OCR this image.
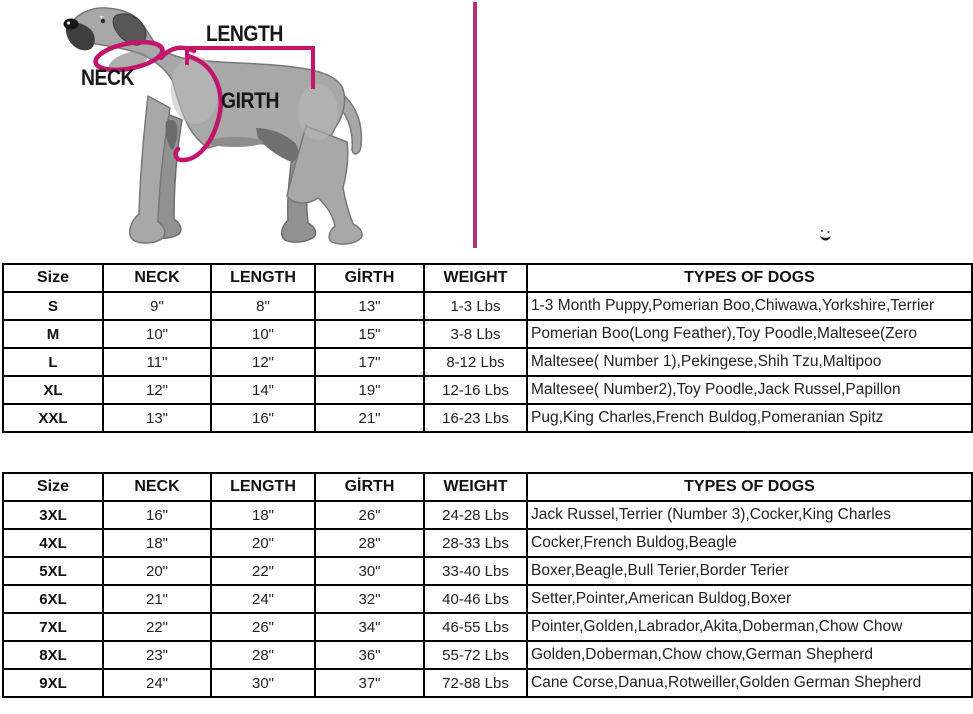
LENGTH
NECK
GIRTH
Size	NECK	LENGTH	GİRTH	WEIGHT	TYPES OF DOGS
S	9"	8"	13"	1-3 Lbs	1-3 Month Puppy,Pomerian Boo,Chiwawa,Yorkshire,Terrier
M	10"	10"	15"	3-8 Lbs	Pomerian Boo(Long Feather),Toy Poodle,Maltesee(Zero
L	11"	12"	17"	8-12 Lbs	Maltesee( Number 1),Pekingese,Shih Tzu,Maltipoo
XL	12"	14"	19"	12-16 Lbs	Maltesee( Number2),Toy Poodle,Jack Russel,Papillon
XXL	13"	16"	21"	16-23 Lbs	Pug,King Charles,French Buldog,Pomeranian Spitz
Size	NECK	LENGTH	GİRTH	WEIGHT	TYPES OF DOGS
3XL	16"	18"	26"	24-28 Lbs	Jack Russel,Terrier (Number 3),Cocker,King Charles
4XL	18"	20"	28"	28-33 Lbs	Cocker,French Buldog,Beagle
5XL	20"	22"	30"	33-40 Lbs	Boxer,Beagle,Bull Terier,Border Terier
6XL	21"	24"	32"	40-46 Lbs	Setter,Pointer,American Buldog,Boxer
7XL	22"	26"	34"	46-55 Lbs	Pointer,Golden,Labrador,Akita,Doberman,Chow Chow
8XL	23"	28"	36"	55-72 Lbs	Golden,Doberman,Chow chow,German Shepherd
9XL	24"	30"	37"	72-88 Lbs	Cane Corse,Danua,Rotweiller,Golden German Shepherd
